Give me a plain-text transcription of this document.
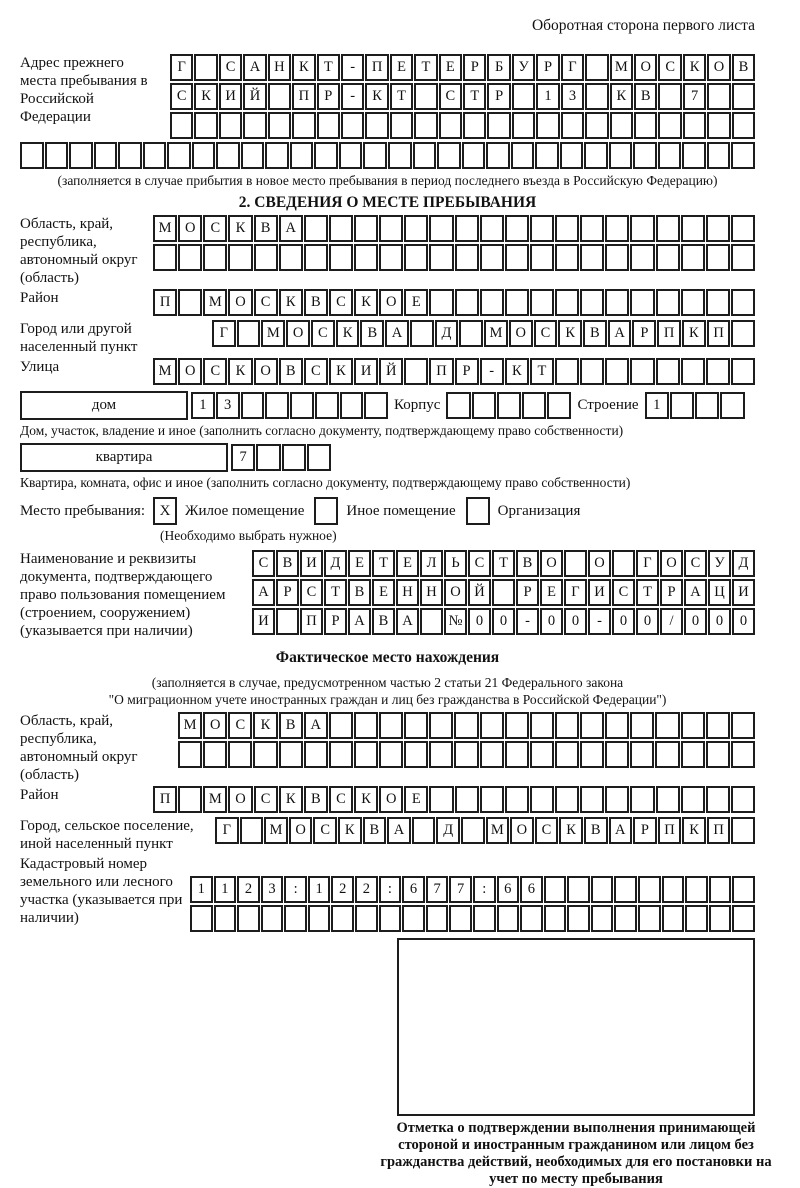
Оборотная сторона первого листа
Адрес прежнего места пребывания в Российской Федерации
Г	С А Н К	Т	-	П	Е	Т	Е	Р	Б	У	Р	Г	М О С	К О В
С	К И Й	П	Р	-	К	Т	С	Т	Р	1	3	К	В	7
(заполняется в случае прибытия в новое место пребывания в период последнего въезда в Российскую Федерацию)
2. СВЕДЕНИЯ О МЕСТЕ ПРЕБЫВАНИЯ
Область, край, республика, автономный округ (область)
М О	С	К	В	А
Район	П	М О	С	К	В	С	К	О	Е
Город или другой населенный пункт
Г	М О	С	К	В	А	Д	М О	С	К	В	А	Р	П	К	П
Улица	М О	С	К	О	В	С	К	И	Й	П	Р	-	К	Т
дом	1	3	Корпус	Строение	1
Дом, участок, владение и иное (заполнить согласно документу, подтверждающему право собственности)
квартира	7
Квартира, комната, офис и иное (заполнить согласно документу, подтверждающему право собственности)
Место пребывания: X Жилое помещение	Иное помещение	Организация
(Необходимо выбрать нужное)
Наименование и реквизиты документа, подтверждающего право пользования помещением (строением, сооружением) (указывается при наличии)
С В И Д	Е	Т	Е	Л	Ь	С	Т	В О	О	Г	О С У Д
А	Р	С	Т	В	Е Н Н О Й	Р	Е	Г	И С	Т	Р	А Ц И
И	П	Р	А В А	№ 0	0	-	0	0	-	0	0	/	0	0	0
Фактическое место нахождения
(заполняется в случае, предусмотренном частью 2 статьи 21 Федерального закона
"О миграционном учете иностранных граждан и лиц без гражданства в Российской Федерации")
Область, край, республика, автономный округ (область)
М О	С	К	В	А
Район	П	М О	С	К	В	С	К	О	Е
Город, сельское поселение, иной населенный пункт
Г	М О	С	К	В	А	Д	М О	С	К	В	А	Р	П	К	П
Кадастровый номер земельного или лесного участка (указывается при наличии)
1	1	2	3	:	1	2	2	:	6	7	7	:	6	6
Отметка о подтверждении выполнения принимающей стороной и иностранным гражданином или лицом без гражданства действий, необходимых для его постановки на учет по месту пребывания
